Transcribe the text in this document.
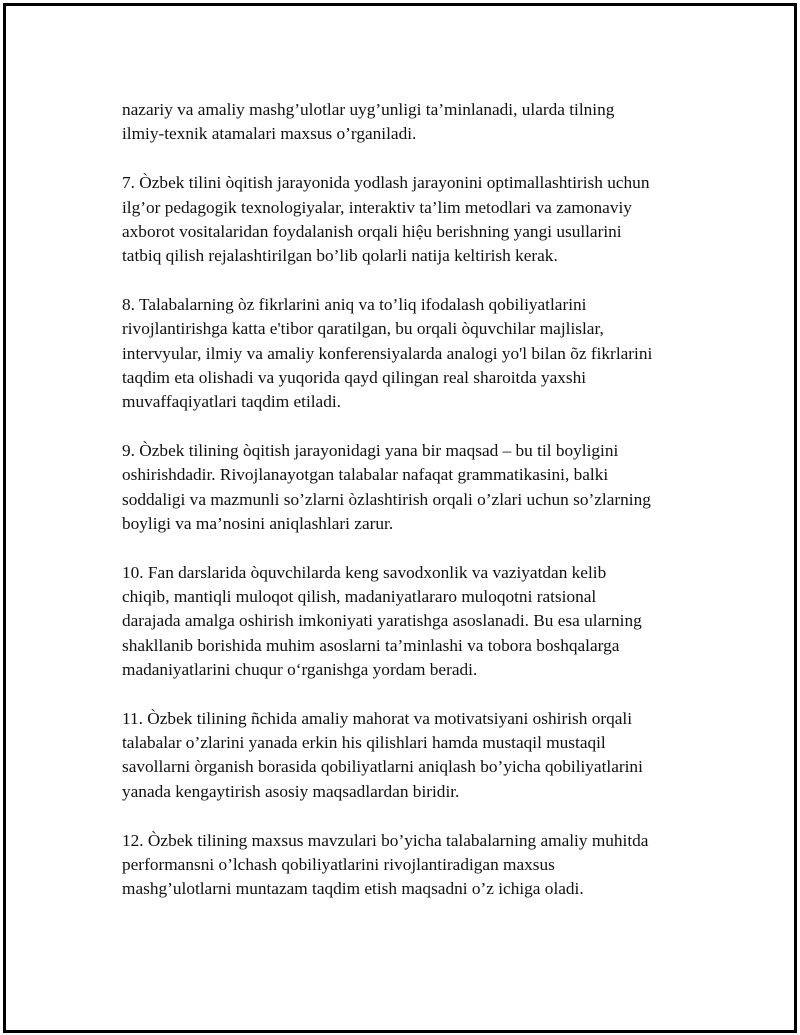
nazariy va amaliy mashg’ulotlar uyg’unligi ta’minlanadi, ularda tilning
ilmiy-texnik atamalari maxsus o’rganiladi.

7. Òzbek tilini òqitish jarayonida yodlash jarayonini optimallashtirish uchun
ilg’or pedagogik texnologiyalar, interaktiv ta’lim metodlari va zamonaviy
axborot vositalaridan foydalanish orqali hiệu berishning yangi usullarini
tatbiq qilish rejalashtirilgan bo’lib qolarli natija keltirish kerak.

8. Talabalarning òz fikrlarini aniq va to’liq ifodalash qobiliyatlarini
rivojlantirishga katta e'tibor qaratilgan, bu orqali òquvchilar majlislar,
intervyular, ilmiy va amaliy konferensiyalarda analogi yo'l bilan õz fikrlarini
taqdim eta olishadi va yuqorida qayd qilingan real sharoitda yaxshi
muvaffaqiyatlari taqdim etiladi.

9. Òzbek tilining òqitish jarayonidagi yana bir maqsad – bu til boyligini
oshirishdadir. Rivojlanayotgan talabalar nafaqat grammatikasini, balki
soddaligi va mazmunli so’zlarni òzlashtirish orqali o’zlari uchun so’zlarning
boyligi va ma’nosini aniqlashlari zarur.

10. Fan darslarida òquvchilarda keng savodxonlik va vaziyatdan kelib
chiqib, mantiqli muloqot qilish, madaniyatlararo muloqotni ratsional
darajada amalga oshirish imkoniyati yaratishga asoslanadi. Bu esa ularning
shakllanib borishida muhim asoslarni ta’minlashi va tobora boshqalarga
madaniyatlarini chuqur o‘rganishga yordam beradi.

11. Òzbek tilining ñchida amaliy mahorat va motivatsiyani oshirish orqali
talabalar o’zlarini yanada erkin his qilishlari hamda mustaqil mustaqil
savollarni òrganish borasida qobiliyatlarni aniqlash bo’yicha qobiliyatlarini
yanada kengaytirish asosiy maqsadlardan biridir.

12. Òzbek tilining maxsus mavzulari bo’yicha talabalarning amaliy muhitda
performansni o’lchash qobiliyatlarini rivojlantiradigan maxsus
mashg’ulotlarni muntazam taqdim etish maqsadni o’z ichiga oladi.
